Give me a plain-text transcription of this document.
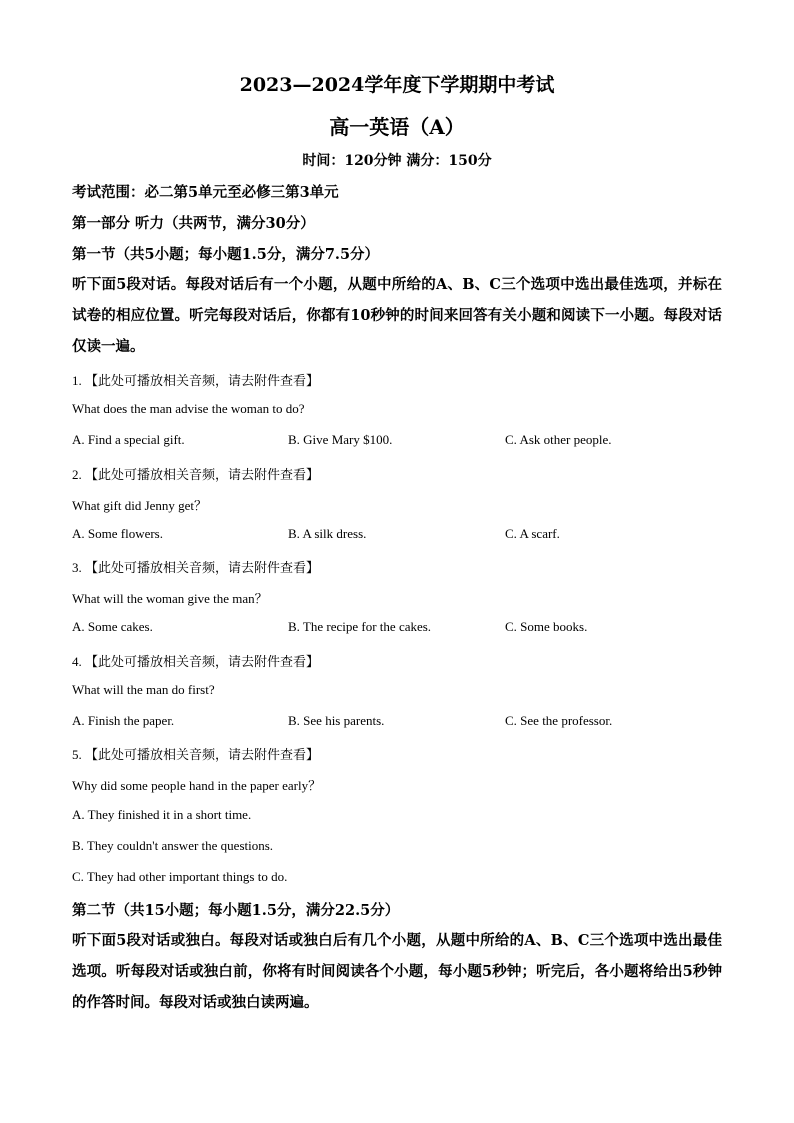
2023—2024学年度下学期期中考试
高一英语（A）
时间：120分钟 满分：150分
考试范围：必二第5单元至必修三第3单元
第一部分 听力（共两节，满分30分）
第一节（共5小题；每小题1.5分，满分7.5分）
听下面5段对话。每段对话后有一个小题，从题中所给的A、B、C三个选项中选出最佳选项，并标在试卷的相应位置。听完每段对话后，你都有10秒钟的时间来回答有关小题和阅读下一小题。每段对话仅读一遍。
1. 【此处可播放相关音频，请去附件查看】
What does the man advise the woman to do?
A. Find a special gift.	B. Give Mary $100.	C. Ask other people.
2. 【此处可播放相关音频，请去附件查看】
What gift did Jenny get？
A. Some flowers.	B. A silk dress.	C. A scarf.
3. 【此处可播放相关音频，请去附件查看】
What will the woman give the man？
A. Some cakes.	B. The recipe for the cakes.	C. Some books.
4. 【此处可播放相关音频，请去附件查看】
What will the man do first?
A. Finish the paper.	B. See his parents.	C. See the professor.
5. 【此处可播放相关音频，请去附件查看】
Why did some people hand in the paper early？
A. They finished it in a short time.
B. They couldn't answer the questions.
C. They had other important things to do.
第二节（共15小题；每小题1.5分，满分22.5分）
听下面5段对话或独白。每段对话或独白后有几个小题，从题中所给的A、B、C三个选项中选出最佳选项。听每段对话或独白前，你将有时间阅读各个小题，每小题5秒钟；听完后，各小题将给出5秒钟的作答时间。每段对话或独白读两遍。
